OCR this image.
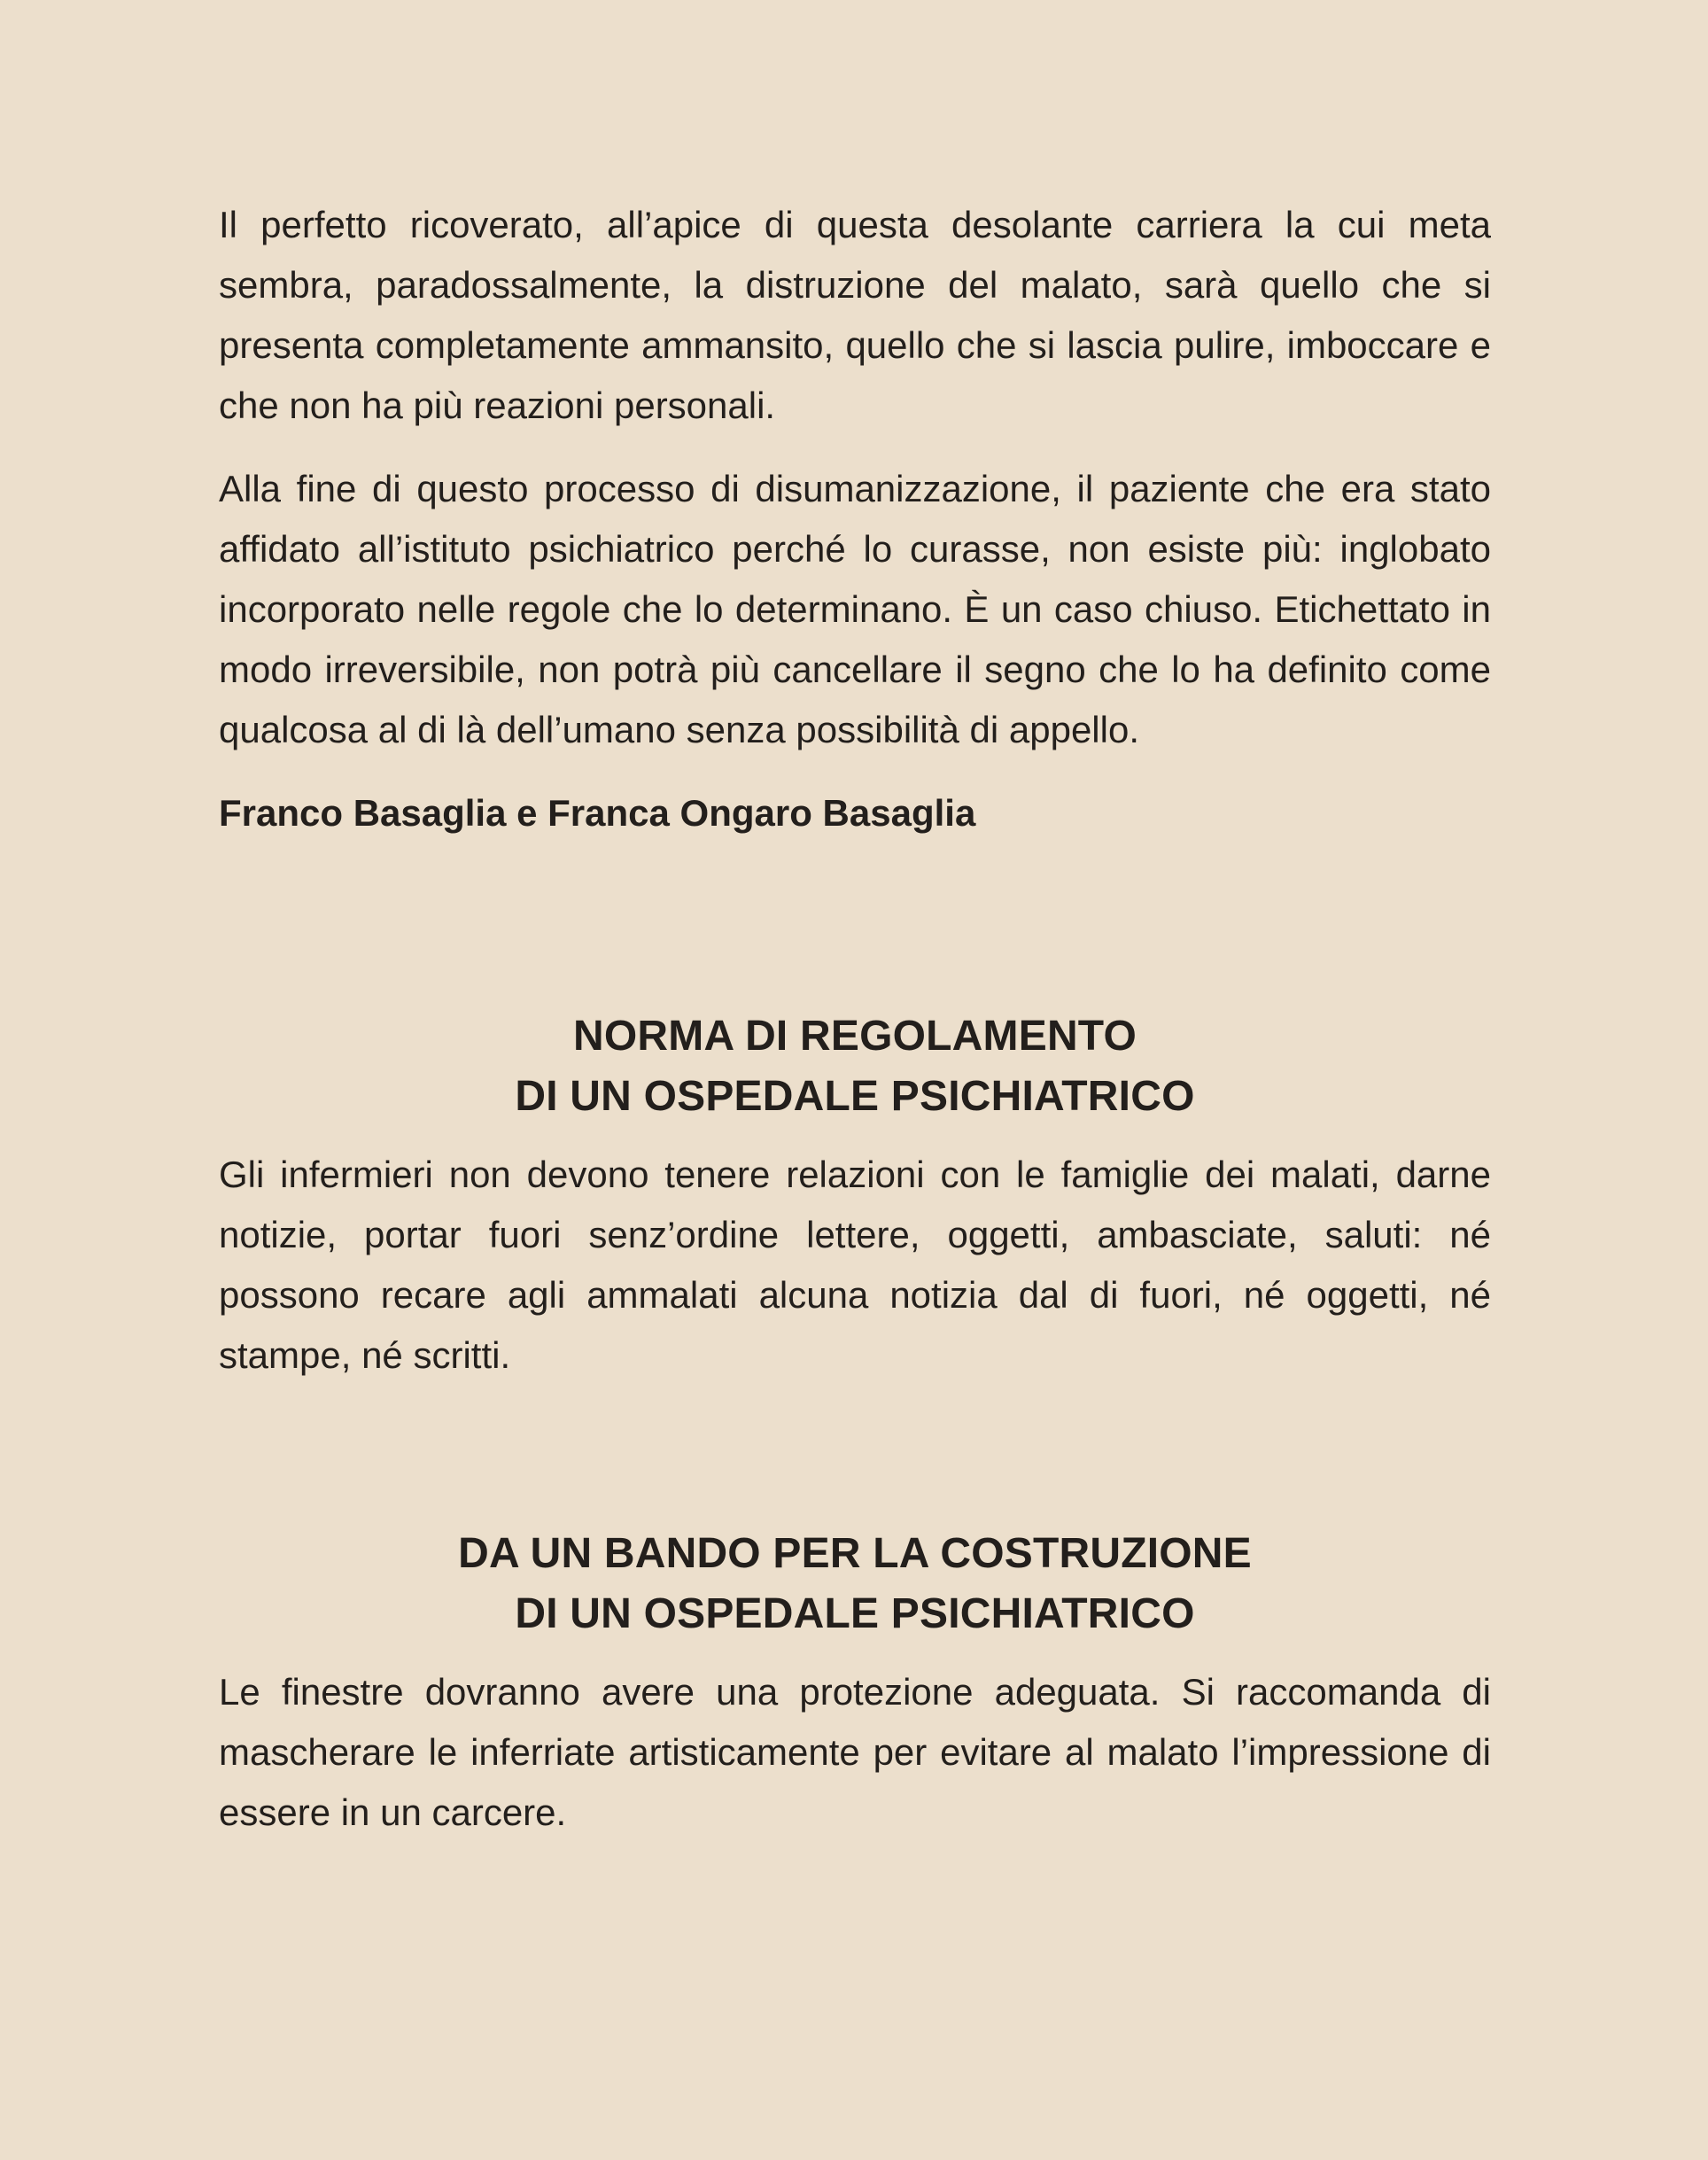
Il perfetto ricoverato, all’apice di questa desolante carriera la cui meta sembra, paradossalmente, la distruzione del malato, sarà quello che si presenta completamente ammansito, quello che si lascia pulire, imboccare e che non ha più reazioni personali.

Alla fine di questo processo di disumanizzazione, il paziente che era stato affidato all’istituto psichiatrico perché lo curasse, non esiste più: inglobato incorporato nelle regole che lo determinano. È un caso chiuso. Etichettato in modo irreversibile, non potrà più cancellare il segno che lo ha definito come qualcosa al di là dell’umano senza possibilità di appello.

Franco Basaglia e Franca Ongaro Basaglia

NORMA DI REGOLAMENTO
DI UN OSPEDALE PSICHIATRICO

Gli infermieri non devono tenere relazioni con le famiglie dei malati, darne notizie, portar fuori senz’ordine lettere, oggetti, ambasciate, saluti: né possono recare agli ammalati alcuna notizia dal di fuori, né oggetti, né stampe, né scritti.

DA UN BANDO PER LA COSTRUZIONE
DI UN OSPEDALE PSICHIATRICO

Le finestre dovranno avere una protezione adeguata. Si raccomanda di mascherare le inferriate artisticamente per evitare al malato l’impressione di essere in un carcere.
